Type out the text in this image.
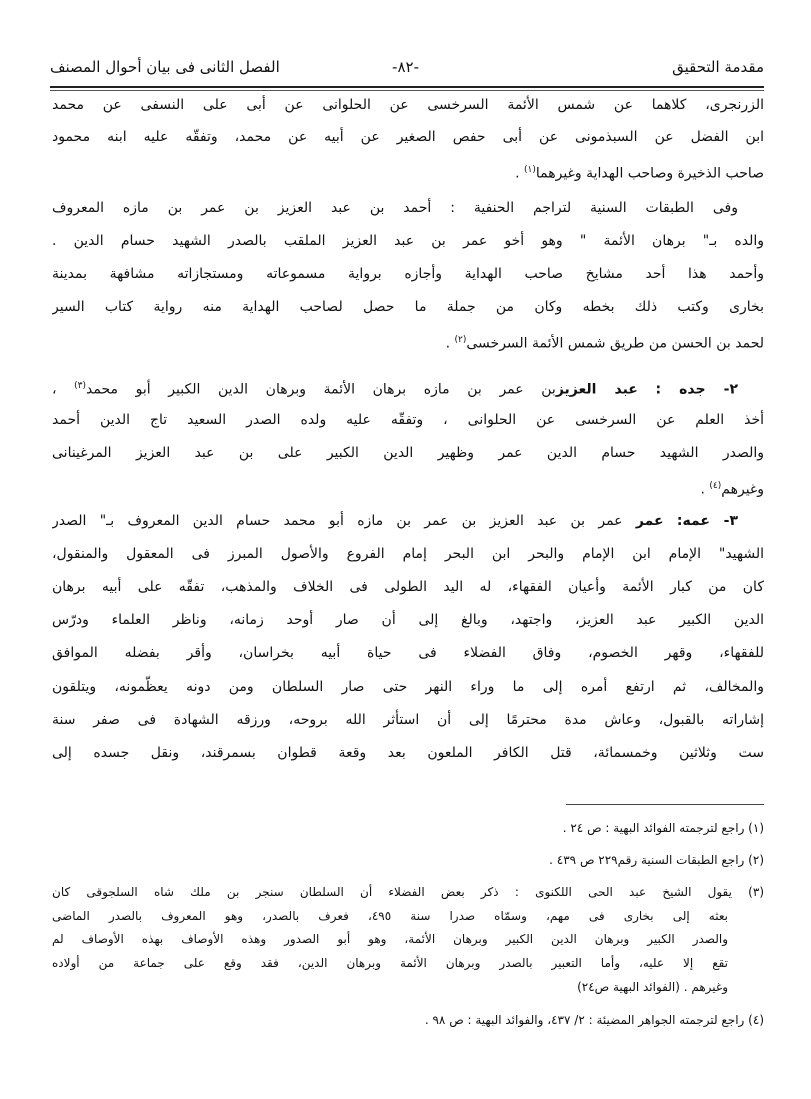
مقدمة التحقيق
-٨٢-
الفصل الثانى فى بيان أحوال المصنف
الزرنجرى، كلاهما عن شمس الأئمة السرخسى عن الحلوانى عن أبى على النسفى عن محمد
ابن الفضل عن السبذمونى عن أبى حفص الصغير عن أبيه عن محمد، وتفقّه عليه ابنه محمود
صاحب الذخيرة وصاحب الهداية وغيرهما$^{(١)}$ .
وفى الطبقات السنية لتراجم الحنفية : أحمد بن عبد العزيز بن عمر بن مازه المعروف
والده بـ" برهان الأئمة " وهو أخو عمر بن عبد العزيز الملقب بالصدر الشهيد حسام الدين .
وأحمد هذا أحد مشايخ صاحب الهداية وأجازه برواية مسموعاته ومستجازاته مشافهة بمدينة
بخارى وكتب ذلك بخطه وكان من جملة ما حصل لصاحب الهداية منه رواية كتاب السير
لحمد بن الحسن من طريق شمس الأئمة السرخسى$^{(٢)}$ .
٢- جده : عبد العزيزبن عمر بن مازه برهان الأئمة وبرهان الدين الكبير أبو محمد$^{(٣)}$ ،
أخذ العلم عن السرخسى عن الحلوانى ، وتفقّه عليه ولده الصدر السعيد تاج الدين أحمد
والصدر الشهيد حسام الدين عمر وظهير الدين الكبير على بن عبد العزيز المرغينانى
وغيرهم$^{(٤)}$ .
٣- عمه: عمر عمر بن عبد العزيز بن عمر بن مازه أبو محمد حسام الدين المعروف بـ" الصدر
الشهيد" الإمام ابن الإمام والبحر ابن البحر إمام الفروع والأصول المبرز فى المعقول والمنقول،
كان من كبار الأئمة وأعيان الفقهاء، له اليد الطولى فى الخلاف والمذهب، تفقّه على أبيه برهان
الدين الكبير عبد العزيز، واجتهد، وبالغ إلى أن صار أوحد زمانه، وناظر العلماء ودرّس
للفقهاء، وقهر الخصوم، وفاق الفضلاء فى حياة أبيه بخراسان، وأقر بفضله الموافق
والمخالف، ثم ارتفع أمره إلى ما وراء النهر حتى صار السلطان ومن دونه يعظّمونه، ويتلقون
إشاراته بالقبول، وعاش مدة محترمًا إلى أن استأثر الله بروحه، ورزقه الشهادة فى صفر سنة
ست وثلاثين وخمسمائة، قتل الكافر الملعون بعد وقعة قطوان بسمرقند، ونقل جسده إلى
(١) راجع لترجمته الفوائد البهية : ص ٢٤ .
(٢) راجع الطبقات السنية رقم٢٢٩ ص ٤٣٩ .
(٣) يقول الشيخ عبد الحى اللكنوى : ذكر بعض الفضلاء أن السلطان سنجر بن ملك شاه السلجوقى كان
بعثه إلى بخارى فى مهم، وسمّاه صدرا سنة ٤٩٥، فعرف بالصدر، وهو المعروف بالصدر الماضى
والصدر الكبير وبرهان الدين الكبير وبرهان الأئمة، وهو أبو الصدور وهذه الأوصاف بهذه الأوصاف لم
تقع إلا عليه، وأما التعبير بالصدر وبرهان الأئمة وبرهان الدين، فقد وقع على جماعة من أولاده
وغيرهم . (الفوائد البهية ص٢٤)
(٤) راجع لترجمته الجواهر المضيئة : ٢/ ٤٣٧، والفوائد البهية : ص ٩٨ .
